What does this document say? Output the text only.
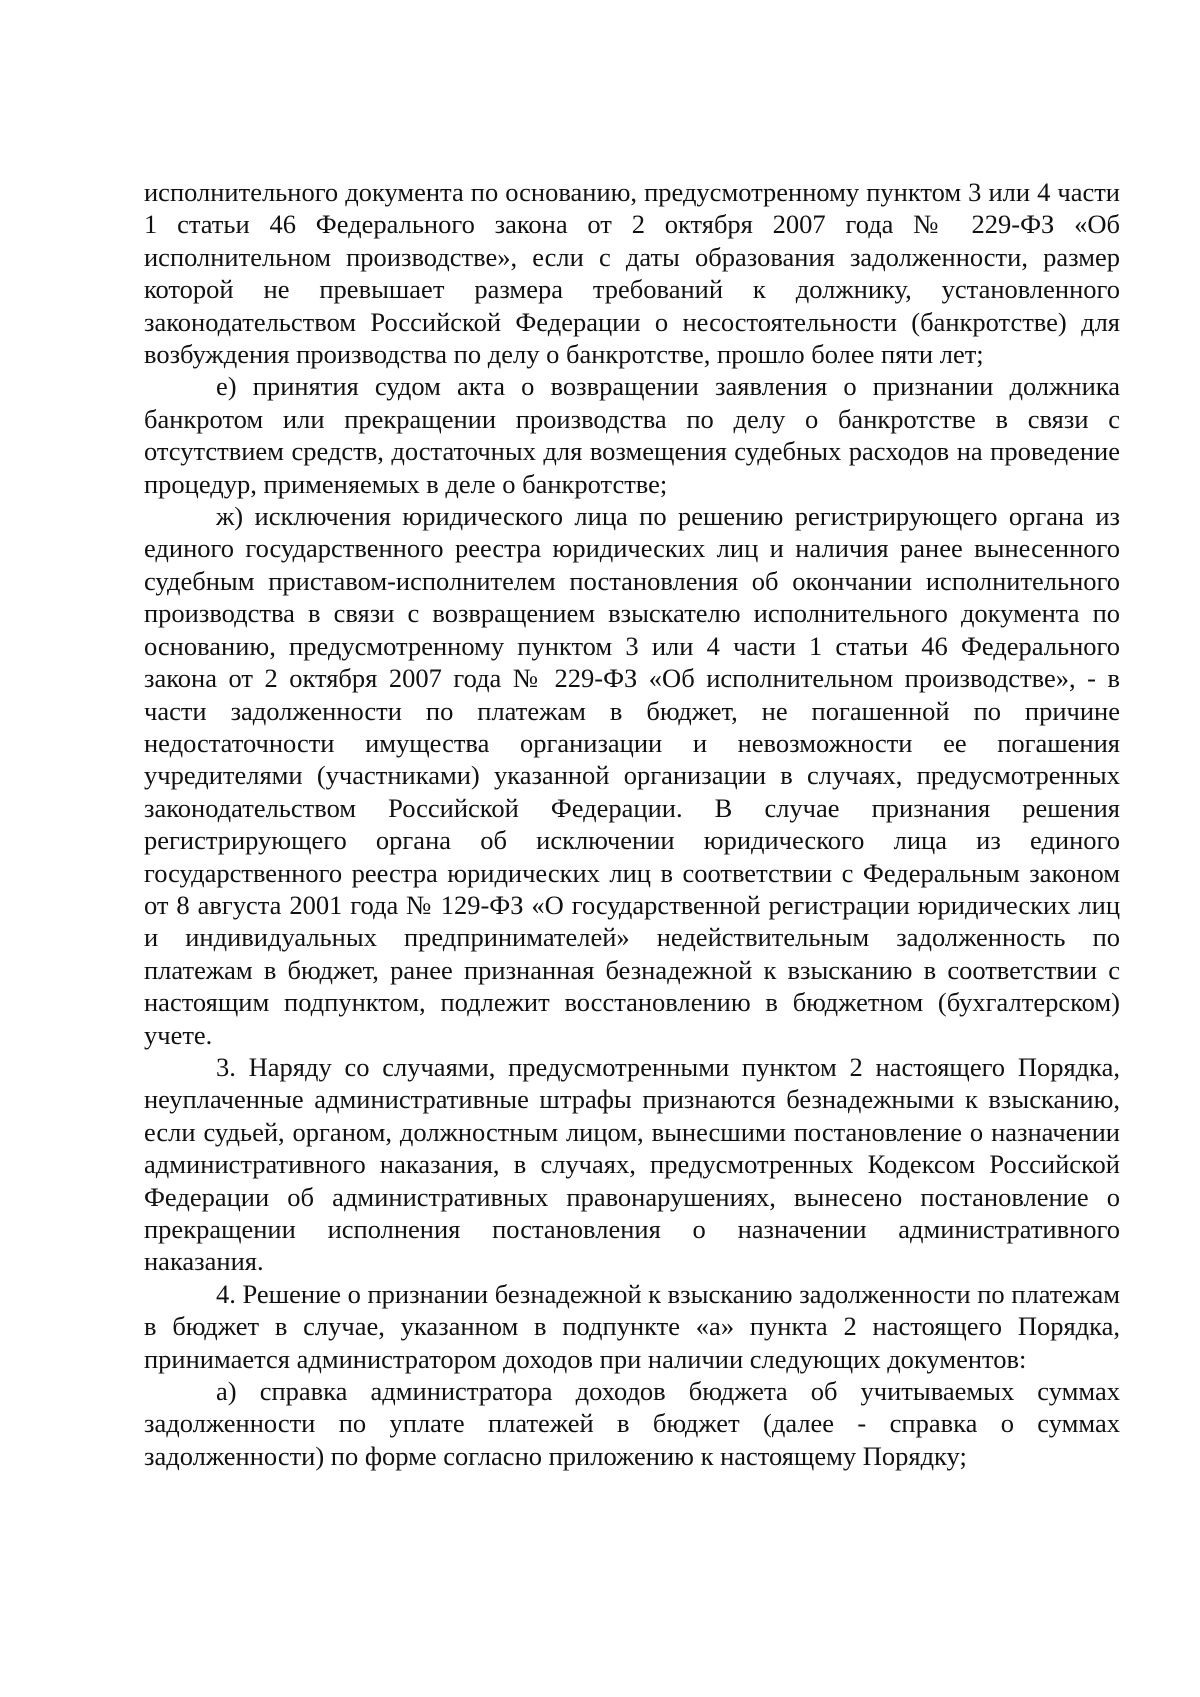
исполнительного документа по основанию, предусмотренному пунктом 3 или 4 части 1 статьи 46 Федерального закона от 2 октября 2007 года № 229-ФЗ «Об исполнительном производстве», если с даты образования задолженности, размер которой не превышает размера требований к должнику, установленного законодательством Российской Федерации о несостоятельности (банкротстве) для возбуждения производства по делу о банкротстве, прошло более пяти лет;

е) принятия судом акта о возвращении заявления о признании должника банкротом или прекращении производства по делу о банкротстве в связи с отсутствием средств, достаточных для возмещения судебных расходов на проведение процедур, применяемых в деле о банкротстве;

ж) исключения юридического лица по решению регистрирующего органа из единого государственного реестра юридических лиц и наличия ранее вынесенного судебным приставом-исполнителем постановления об окончании исполнительного производства в связи с возвращением взыскателю исполнительного документа по основанию, предусмотренному пунктом 3 или 4 части 1 статьи 46 Федерального закона от 2 октября 2007 года № 229-ФЗ «Об исполнительном производстве», - в части задолженности по платежам в бюджет, не погашенной по причине недостаточности имущества организации и невозможности ее погашения учредителями (участниками) указанной организации в случаях, предусмотренных законодательством Российской Федерации. В случае признания решения регистрирующего органа об исключении юридического лица из единого государственного реестра юридических лиц в соответствии с Федеральным законом от 8 августа 2001 года № 129-ФЗ «О государственной регистрации юридических лиц и индивидуальных предпринимателей» недействительным задолженность по платежам в бюджет, ранее признанная безнадежной к взысканию в соответствии с настоящим подпунктом, подлежит восстановлению в бюджетном (бухгалтерском) учете.

3. Наряду со случаями, предусмотренными пунктом 2 настоящего Порядка, неуплаченные административные штрафы признаются безнадежными к взысканию, если судьей, органом, должностным лицом, вынесшими постановление о назначении административного наказания, в случаях, предусмотренных Кодексом Российской Федерации об административных правонарушениях, вынесено постановление о прекращении исполнения постановления о назначении административного наказания.

4. Решение о признании безнадежной к взысканию задолженности по платежам в бюджет в случае, указанном в подпункте «а» пункта 2 настоящего Порядка, принимается администратором доходов при наличии следующих документов:

а) справка администратора доходов бюджета об учитываемых суммах задолженности по уплате платежей в бюджет (далее - справка о суммах задолженности) по форме согласно приложению к настоящему Порядку;
